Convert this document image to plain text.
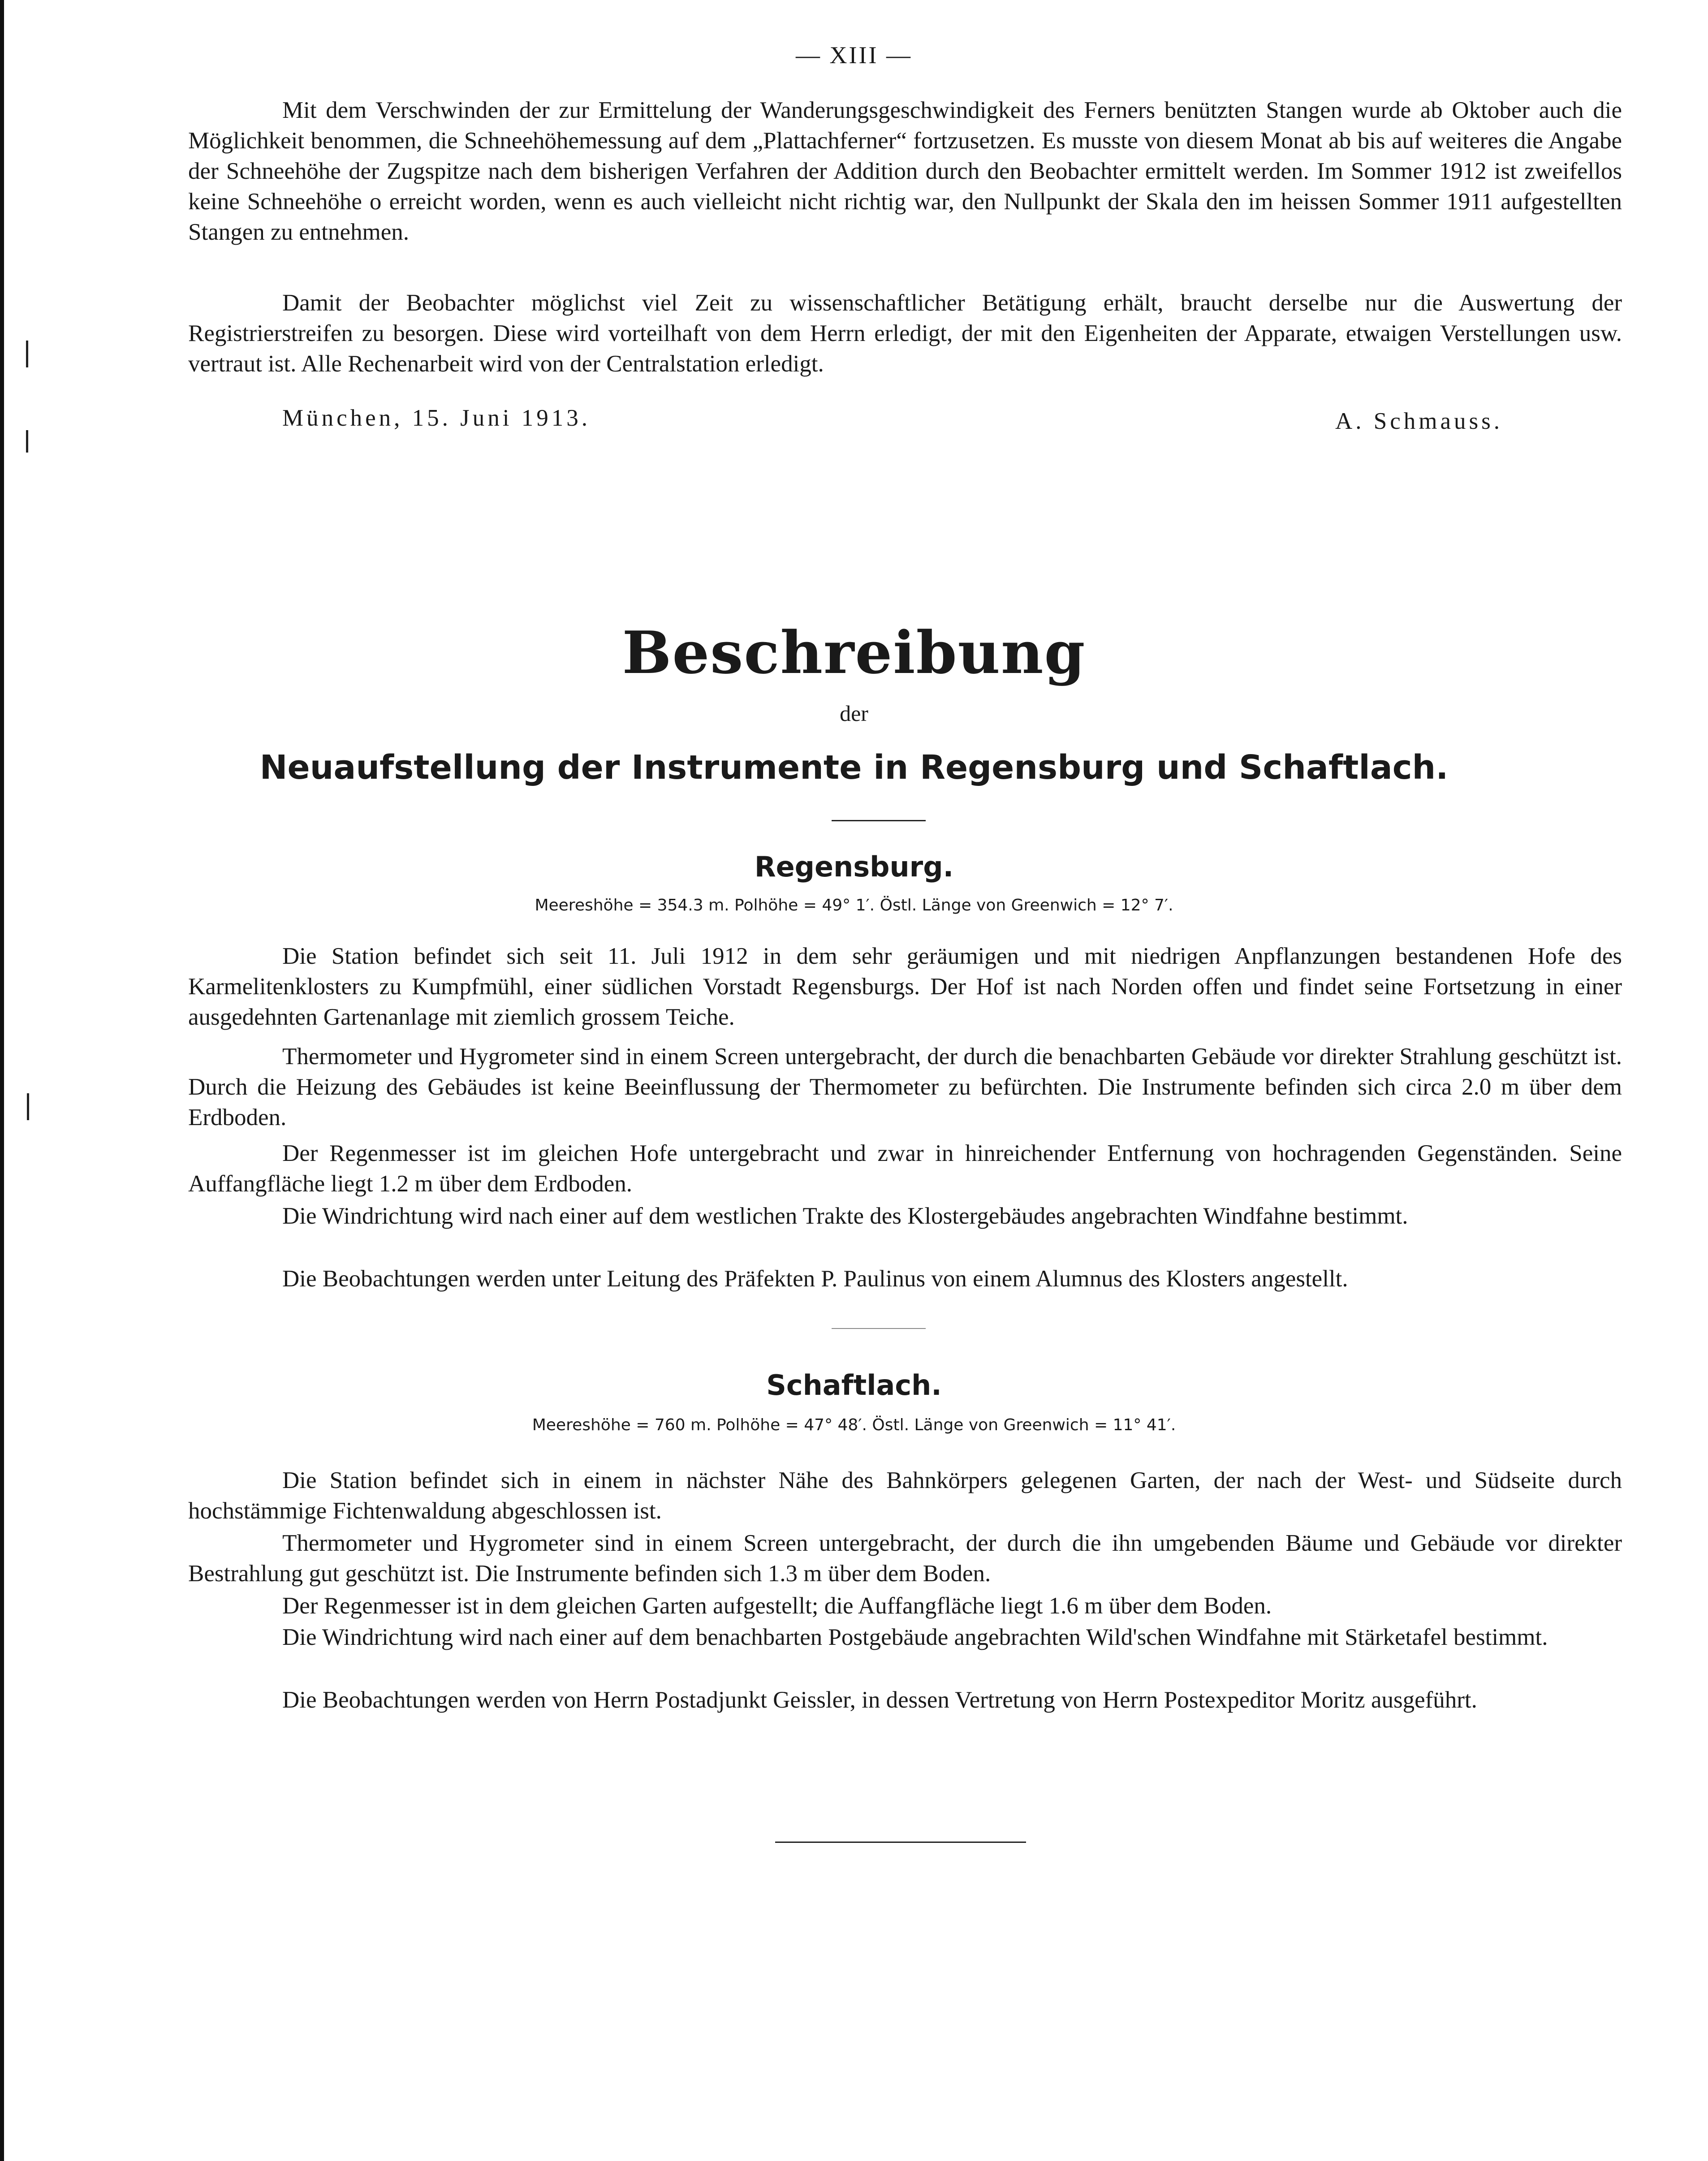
— XIII —

Mit dem Verschwinden der zur Ermittelung der Wanderungsgeschwindigkeit des Ferners benützten Stangen wurde ab Oktober auch die Möglichkeit benommen, die Schneehöhemessung auf dem „Plattachferner“ fortzusetzen. Es musste von diesem Monat ab bis auf weiteres die Angabe der Schneehöhe der Zugspitze nach dem bisherigen Verfahren der Addition durch den Beobachter ermittelt werden. Im Sommer 1912 ist zweifellos keine Schneehöhe o erreicht worden, wenn es auch vielleicht nicht richtig war, den Nullpunkt der Skala den im heissen Sommer 1911 aufgestellten Stangen zu entnehmen.

Damit der Beobachter möglichst viel Zeit zu wissenschaftlicher Betätigung erhält, braucht derselbe nur die Auswertung der Registrierstreifen zu besorgen. Diese wird vorteilhaft von dem Herrn erledigt, der mit den Eigenheiten der Apparate, etwaigen Verstellungen usw. vertraut ist. Alle Rechenarbeit wird von der Centralstation erledigt.

München, 15. Juni 1913.	A. Schmauss.
Beschreibung
der
Neuaufstellung der Instrumente in Regensburg und Schaftlach.
Regensburg.
Meereshöhe = 354.3 m. Polhöhe = 49° 1′. Östl. Länge von Greenwich = 12° 7′.

Die Station befindet sich seit 11. Juli 1912 in dem sehr geräumigen und mit niedrigen Anpflanzungen bestandenen Hofe des Karmelitenklosters zu Kumpfmühl, einer südlichen Vorstadt Regensburgs. Der Hof ist nach Norden offen und findet seine Fortsetzung in einer ausgedehnten Gartenanlage mit ziemlich grossem Teiche.

Thermometer und Hygrometer sind in einem Screen untergebracht, der durch die benachbarten Gebäude vor direkter Strahlung geschützt ist. Durch die Heizung des Gebäudes ist keine Beeinflussung der Thermometer zu befürchten. Die Instrumente befinden sich circa 2.0 m über dem Erdboden.

Der Regenmesser ist im gleichen Hofe untergebracht und zwar in hinreichender Entfernung von hochragenden Gegenständen. Seine Auffangfläche liegt 1.2 m über dem Erdboden.

Die Windrichtung wird nach einer auf dem westlichen Trakte des Klostergebäudes angebrachten Windfahne bestimmt.

Die Beobachtungen werden unter Leitung des Präfekten P. Paulinus von einem Alumnus des Klosters angestellt.

Schaftlach.
Meereshöhe = 760 m. Polhöhe = 47° 48′. Östl. Länge von Greenwich = 11° 41′.

Die Station befindet sich in einem in nächster Nähe des Bahnkörpers gelegenen Garten, der nach der West- und Südseite durch hochstämmige Fichtenwaldung abgeschlossen ist.

Thermometer und Hygrometer sind in einem Screen untergebracht, der durch die ihn umgebenden Bäume und Gebäude vor direkter Bestrahlung gut geschützt ist. Die Instrumente befinden sich 1.3 m über dem Boden.

Der Regenmesser ist in dem gleichen Garten aufgestellt; die Auffangfläche liegt 1.6 m über dem Boden.

Die Windrichtung wird nach einer auf dem benachbarten Postgebäude angebrachten Wild'schen Windfahne mit Stärketafel bestimmt.

Die Beobachtungen werden von Herrn Postadjunkt Geissler, in dessen Vertretung von Herrn Postexpeditor Moritz ausgeführt.
